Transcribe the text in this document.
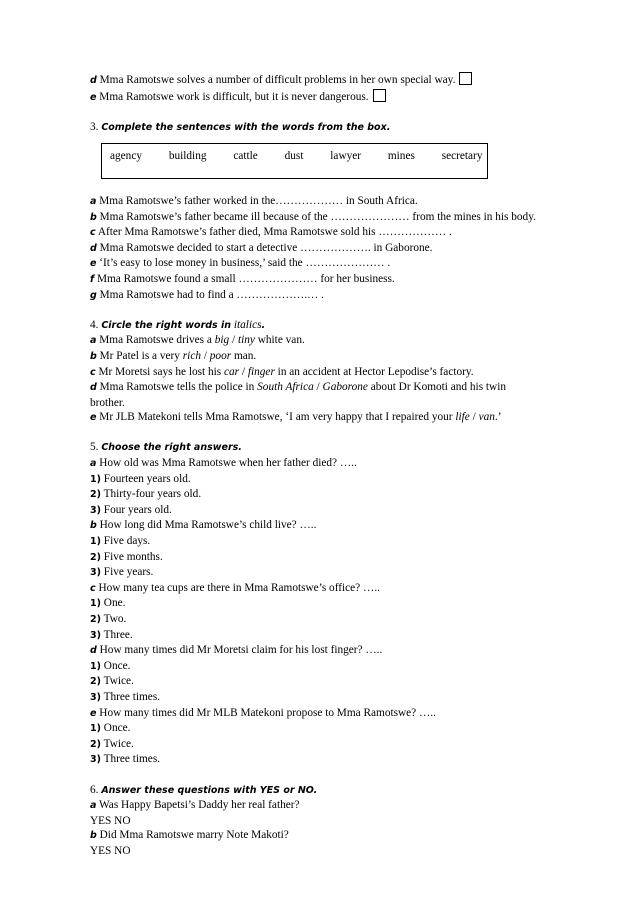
d Mma Ramotswe solves a number of difficult problems in her own special way.
e Mma Ramotswe work is difficult, but it is never dangerous.
3. Complete the sentences with the words from the box.
agency building cattle dust lawyer mines secretary
a Mma Ramotswe’s father worked in the……………… in South Africa.
b Mma Ramotswe’s father became ill because of the ………………… from the mines in his body.
c After Mma Ramotswe’s father died, Mma Ramotswe sold his ……………… .
d Mma Ramotswe decided to start a detective ………………. in Gaborone.
e ‘It’s easy to lose money in business,’ said the ………………… .
f Mma Ramotswe found a small ………………… for her business.
g Mma Ramotswe had to find a ……………….… .
4. Circle the right words in italics.
a Mma Ramotswe drives a big / tiny white van.
b Mr Patel is a very rich / poor man.
c Mr Moretsi says he lost his car / finger in an accident at Hector Lepodise’s factory.
d Mma Ramotswe tells the police in South Africa / Gaborone about Dr Komoti and his twin
brother.
e Mr JLB Matekoni tells Mma Ramotswe, ‘I am very happy that I repaired your life / van.’
5. Choose the right answers.
a How old was Mma Ramotswe when her father died? …..
1) Fourteen years old.
2) Thirty-four years old.
3) Four years old.
b How long did Mma Ramotswe’s child live? …..
1) Five days.
2) Five months.
3) Five years.
c How many tea cups are there in Mma Ramotswe’s office? …..
1) One.
2) Two.
3) Three.
d How many times did Mr Moretsi claim for his lost finger? …..
1) Once.
2) Twice.
3) Three times.
e How many times did Mr MLB Matekoni propose to Mma Ramotswe? …..
1) Once.
2) Twice.
3) Three times.
6. Answer these questions with YES or NO.
a Was Happy Bapetsi’s Daddy her real father?
YES NO
b Did Mma Ramotswe marry Note Makoti?
YES NO
